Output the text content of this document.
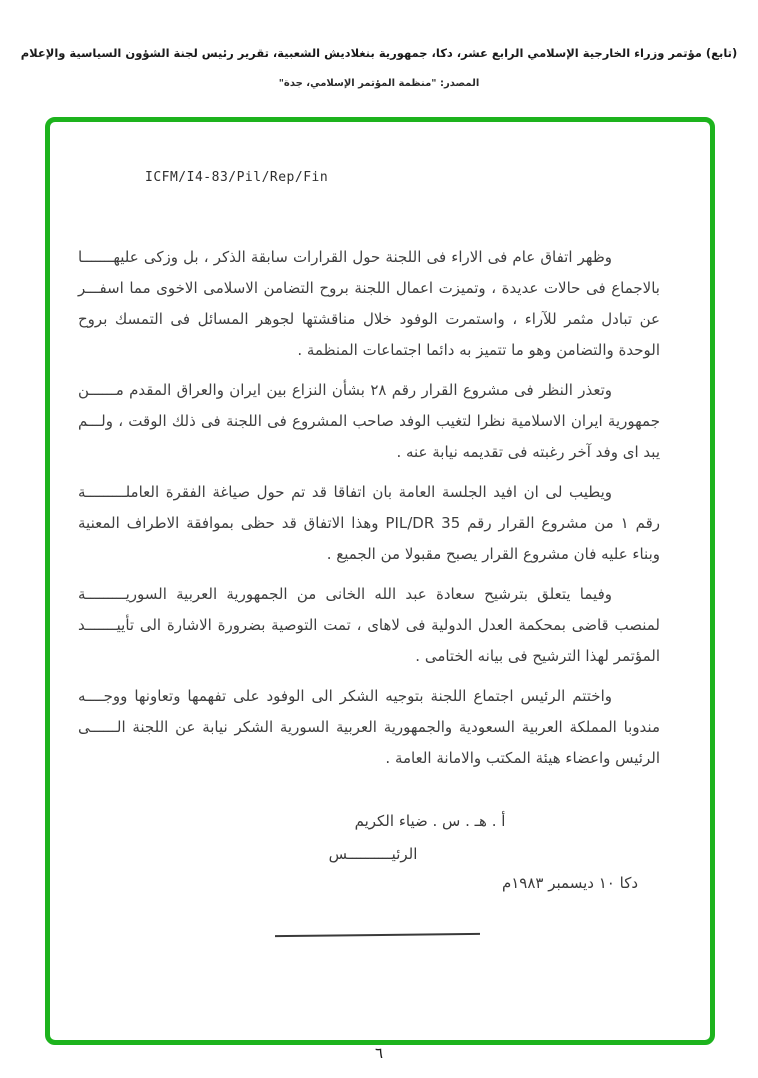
(تابع) مؤتمر وزراء الخارجية الإسلامي الرابع عشر، دكا، جمهورية بنغلاديش الشعبية، تقرير رئيس لجنة الشؤون السياسية والإعلام
المصدر: "منظمة المؤتمر الإسلامي، جدة"
ICFM/I4-83/Pil/Rep/Fin

وظهر اتفاق عام فى الاراء فى اللجنة حول القرارات سابقة الذكر ، بل وزكى عليهـــــــا بالاجماع فى حالات عديدة ، وتميزت اعمال اللجنة بروح التضامن الاسلامى الاخوى مما اسفـــر عن تبادل مثمر للآراء ، واستمرت الوفود خلال مناقشتها لجوهر المسائل فى التمسك بروح الوحدة والتضامن وهو ما تتميز به دائما اجتماعات المنظمة .

وتعذر النظر فى مشروع القرار رقم ٢٨ بشأن النزاع بين ايران والعراق المقدم مــــــن جمهورية ايران الاسلامية نظرا لتغيب الوفد صاحب المشروع فى اللجنة فى ذلك الوقت ، ولـــم يبد اى وفد آخر رغبته فى تقديمه نيابة عنه .

ويطيب لى ان افيد الجلسة العامة بان اتفاقا قد تم حول صياغة الفقرة العاملـــــــــة رقم ١ من مشروع القرار رقم PIL/DR 35 وهذا الاتفاق قد حظى بموافقة الاطراف المعنية وبناء عليه فان مشروع القرار يصبح مقبولا من الجميع .

وفيما يتعلق بترشيح سعادة عبد الله الخانى من الجمهورية العربية السوريـــــــــة لمنصب قاضى بمحكمة العدل الدولية فى لاهاى ، تمت التوصية بضرورة الاشارة الى تأييـــــــد المؤتمر لهذا الترشيح فى بيانه الختامى .

واختتم الرئيس اجتماع اللجنة بتوجيه الشكر الى الوفود على تفهمها وتعاونها ووجــــه مندوبا المملكة العربية السعودية والجمهورية العربية السورية الشكر نيابة عن اللجنة الــــــى الرئيس واعضاء هيئة المكتب والامانة العامة .

أ . هـ . س . ضياء الكريم
الرئيــــــــــس
دكا ١٠ ديسمبر ١٩٨٣م
٦
